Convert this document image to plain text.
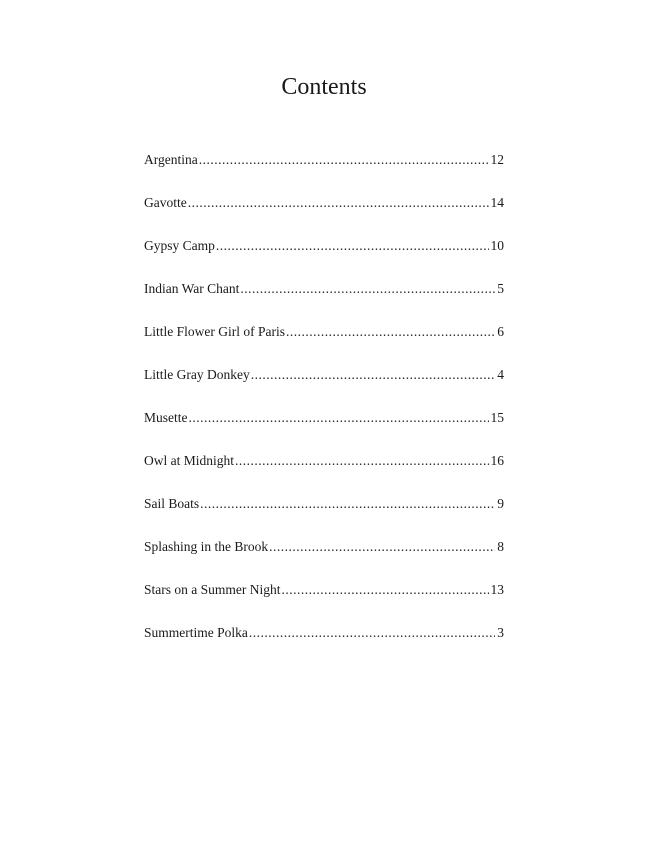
Contents
Argentina .....	12
Gavotte .....	14
Gypsy Camp .....	10
Indian War Chant .....	5
Little Flower Girl of Paris .....	6
Little Gray Donkey .....	4
Musette .....	15
Owl at Midnight .....	16
Sail Boats .....	9
Splashing in the Brook .....	8
Stars on a Summer Night .....	13
Summertime Polka .....	3
